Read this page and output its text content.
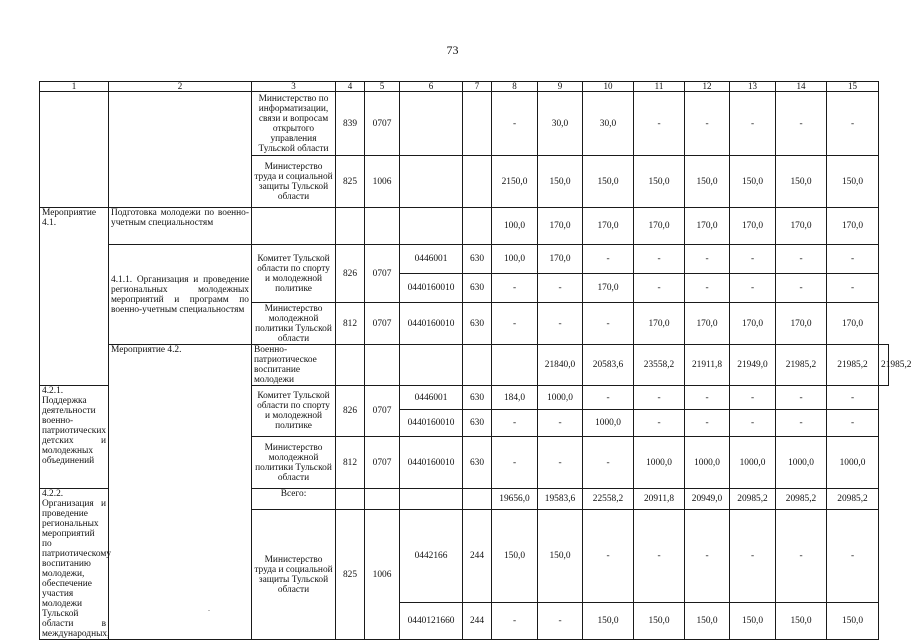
73
1	2	3	4	5	6	7	8	9	10	11	12	13	14	15	
		Министерство по информатизации, связи и вопросам открытого управления Тульской области	839	0707			-	30,0	30,0	-	-	-	-	-	
		Министерство труда и социальной защиты Тульской области	825	1006			2150,0	150,0	150,0	150,0	150,0	150,0	150,0	150,0	
Мероприятие 4.1.	Подготовка молодежи по военно-учетным специальностям						100,0	170,0	170,0	170,0	170,0	170,0	170,0	170,0	
	4.1.1. Организация и проведение региональных молодежных мероприятий и программ по военно-учетным специальностям	Комитет Тульской области по спорту и молодежной политике	826	0707	0446001	630	100,0	170,0	-	-	-	-	-	-	
					0440160010	630	-	-	170,0	-	-	-	-	-	
		Министерство молодежной политики Тульской области	812	0707	0440160010	630	-	-	-	170,0	170,0	170,0	170,0	170,0	
	Мероприятие 4.2.	Военно-патриотическое воспитание молодежи						21840,0	20583,6	23558,2	21911,8	21949,0	21985,2	21985,2	21985,2
4.2.1. Поддержка деятельности военно-патриотических детских и молодежных объединений		Комитет Тульской области по спорту и молодежной политике	826	0707	0446001	630	184,0	1000,0	-	-	-	-	-	-	
					0440160010	630	-	-	1000,0	-	-	-	-	-	
		Министерство молодежной политики Тульской области	812	0707	0440160010	630	-	-	-	1000,0	1000,0	1000,0	1000,0	1000,0	
4.2.2. Организация и проведение региональных мероприятий по патриотическому воспитанию молодежи, обеспечение участия молодежи Тульской области в международных,		Всего:					19656,0	19583,6	22558,2	20911,8	20949,0	20985,2	20985,2	20985,2	
		Министерство труда и социальной защиты Тульской области	825	1006	0442166	244	150,0	150,0	-	-	-	-	-	-	
					0440121660	244	-	-	150,0	150,0	150,0	150,0	150,0	150,0	
